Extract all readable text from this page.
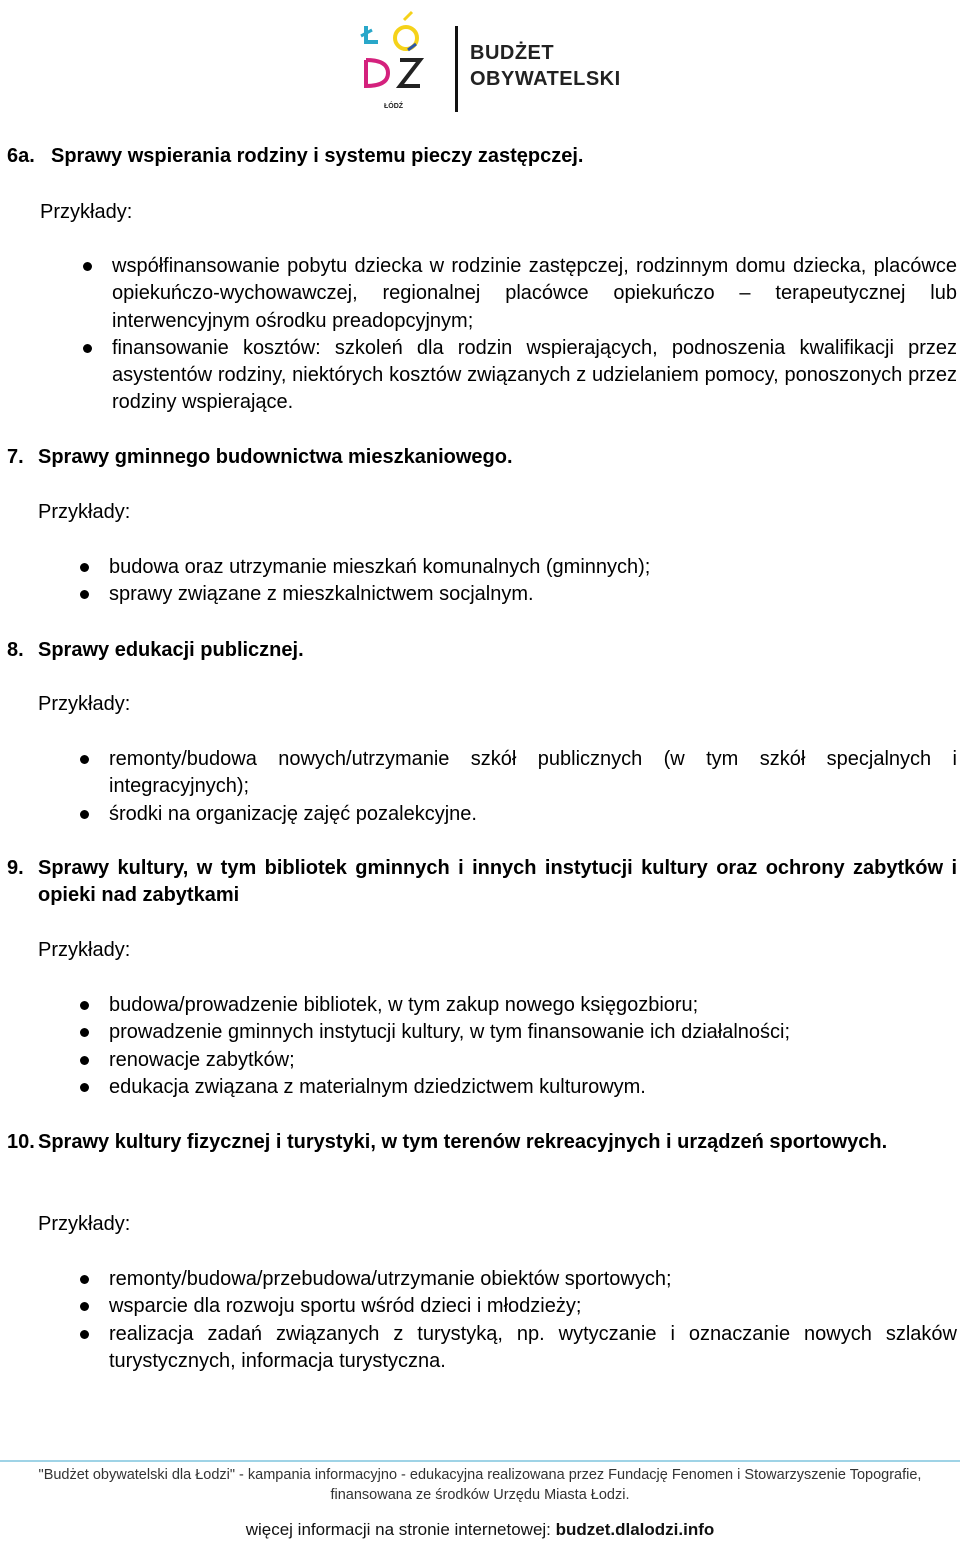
ŁÓDŹ
BUDŻET
OBYWATELSKI
6a. Sprawy wspierania rodziny i systemu pieczy zastępczej.
Przykłady:
współfinansowanie pobytu dziecka w rodzinie zastępczej, rodzinnym domu dziecka, placówce opiekuńczo-wychowawczej, regionalnej placówce opiekuńczo – terapeutycznej lub interwencyjnym ośrodku preadopcyjnym;
finansowanie kosztów: szkoleń dla rodzin wspierających, podnoszenia kwalifikacji przez asystentów rodziny, niektórych kosztów związanych z udzielaniem pomocy, ponoszonych przez rodziny wspierające.
7. Sprawy gminnego budownictwa mieszkaniowego.
Przykłady:
budowa oraz utrzymanie mieszkań komunalnych (gminnych);
sprawy związane z mieszkalnictwem socjalnym.
8. Sprawy edukacji publicznej.
Przykłady:
remonty/budowa nowych/utrzymanie szkół publicznych (w tym szkół specjalnych i integracyjnych);
środki na organizację zajęć pozalekcyjne.
9. Sprawy kultury, w tym bibliotek gminnych i innych instytucji kultury oraz ochrony zabytków i opieki nad zabytkami
Przykłady:
budowa/prowadzenie bibliotek, w tym zakup nowego księgozbioru;
prowadzenie gminnych instytucji kultury, w tym finansowanie ich działalności;
renowacje zabytków;
edukacja związana z materialnym dziedzictwem kulturowym.
10. Sprawy kultury fizycznej i turystyki, w tym terenów rekreacyjnych i urządzeń sportowych.
Przykłady:
remonty/budowa/przebudowa/utrzymanie obiektów sportowych;
wsparcie dla rozwoju sportu wśród dzieci i młodzieży;
realizacja zadań związanych z turystyką, np. wytyczanie i oznaczanie nowych szlaków turystycznych, informacja turystyczna.
"Budżet obywatelski dla Łodzi" - kampania informacyjno - edukacyjna realizowana przez Fundację Fenomen i Stowarzyszenie Topografie,
finansowana ze środków Urzędu Miasta Łodzi.
więcej informacji na stronie internetowej: budzet.dlalodzi.info
